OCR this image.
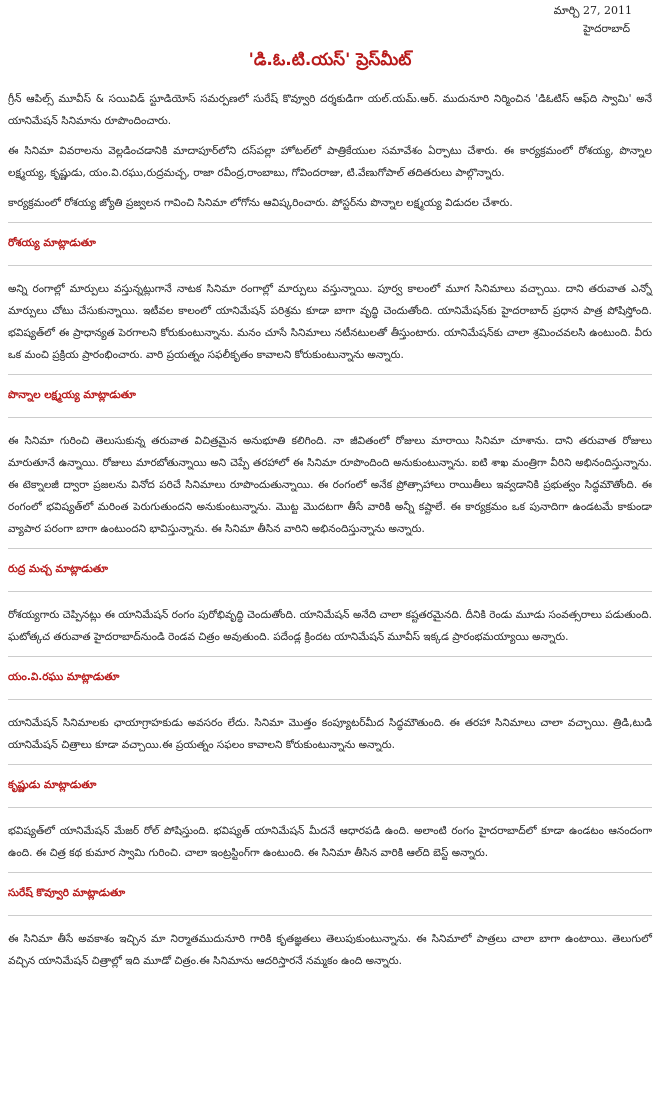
మార్చి 27, 2011
హైదరాబాద్
'డి.ఓ.టి.యస్' ప్రెస్‌మీట్

గ్రీన్ ఆపిల్స్ మూవీస్ & సయివిడ్ స్టూడియోస్ సమర్పణలో సురేష్ కొవ్వూరి దర్శకుడిగా యల్.యమ్.ఆర్. ముదునూరి నిర్మించిన 'డిఓటిస్ ఆఫ్‌ది స్వామి' అనే యానిమేషన్ సినిమాను రూపొందించారు.

ఈ సినిమా వివరాలను వెల్లడించడానికి మాదాపూర్‌లోని దస్‌పల్లా హోటల్‌లో పాత్రికేయుల సమావేశం ఏర్పాటు చేశారు. ఈ కార్యక్రమంలో రోశయ్య, పొన్నాల లక్ష్మయ్య, కృష్ణుడు, యం.వి.రఘు,రుద్రమచ్చ, రాజా రవీంద్ర,రాంబాబు, గోవిందరాజు, టి.వేణుగోపాల్ తదితరులు పాల్గొన్నారు.

కార్యక్రమంలో రోశయ్య జ్యోతి ప్రజ్వలన గావించి సినిమా లోగోను ఆవిష్కరించారు. పోస్టర్‌ను పొన్నాల లక్ష్మయ్య విడుదల చేశారు.

రోశయ్య మాట్లాడుతూ

అన్ని రంగాల్లో మార్పులు వస్తున్నట్లుగానే నాటక సినిమా రంగాల్లో మార్పులు వస్తున్నాయి. పూర్వ కాలంలో మూగ సినిమాలు వచ్చాయి. దాని తరువాత ఎన్నో మార్పులు చోటు చేసుకున్నాయి. ఇటీవల కాలంలో యానిమేషన్ పరిశ్రమ కూడా బాగా వృద్ధి చెందుతోంది. యానిమేషన్‌కు హైదరాబాద్ ప్రధాన పాత్ర పోషిస్తోంది. భవిష్యత్‌లో ఈ ప్రాధాన్యత పెరగాలని కోరుకుంటున్నాను. మనం చూసే సినిమాలు నటీనటులతో తీస్తుంటారు. యానిమేషన్‌కు చాలా శ్రమించవలసి ఉంటుంది. వీరు ఒక మంచి ప్రక్రియ ప్రారంభించారు. వారి ప్రయత్నం సఫలీకృతం కావాలని కోరుకుంటున్నాను అన్నారు.

పొన్నాల లక్ష్మయ్య మాట్లాడుతూ

ఈ సినిమా గురించి తెలుసుకున్న తరువాత విచిత్రమైన అనుభూతి కలిగింది. నా జీవితంలో రోజులు మారాయి సినిమా చూశాను. దాని తరువాత రోజులు మారుతూనే ఉన్నాయి. రోజులు మారబోతున్నాయి అని చెప్పే తరహాలో ఈ సినిమా రూపొందింది అనుకుంటున్నాను. ఐటి శాఖ మంత్రిగా వీరిని అభినందిస్తున్నాను. ఈ టెక్నాలజీ ద్వారా ప్రజలను వినోద పరిచే సినిమాలు రూపొందుతున్నాయి. ఈ రంగంలో అనేక ప్రోత్సాహాలు రాయితీలు ఇవ్వడానికి ప్రభుత్వం సిద్ధమౌతోంది. ఈ రంగంలో భవిష్యత్‌లో మరింత పెరుగుతుందని అనుకుంటున్నాను. మొట్ట మొదటగా తీసే వారికి అన్నీ కష్టాలే. ఈ కార్యక్రమం ఒక పునాదిగా ఉండటమే కాకుండా వ్యాపార పరంగా బాగా ఉంటుందని భావిస్తున్నాను. ఈ సినిమా తీసిన వారిని అభినందిస్తున్నాను అన్నారు.

రుద్ర మచ్చ మాట్లాడుతూ

రోశయ్యగారు చెప్పినట్లు ఈ యానిమేషన్ రంగం పురోభివృద్ధి చెందుతోంది. యానిమేషన్ అనేది చాలా కష్టతరమైనది. దీనికి రెండు మూడు సంవత్సరాలు పడుతుంది. ఘటోత్కచ తరువాత హైదరాబాద్‌నుండి రెండవ చిత్రం అవుతుంది. పదేండ్ల క్రిందట యానిమేషన్ మూవీస్ ఇక్కడ ప్రారంభమయ్యాయి అన్నారు.

యం.వి.రఘు మాట్లాడుతూ

యానిమేషన్ సినిమాలకు ఛాయాగ్రాహకుడు అవసరం లేదు. సినిమా మొత్తం కంప్యూటర్‌మీద సిద్ధమౌతుంది. ఈ తరహా సినిమాలు చాలా వచ్చాయి. త్రిడి,టుడి యానిమేషన్ చిత్రాలు కూడా వచ్చాయి.ఈ ప్రయత్నం సఫలం కావాలని కోరుకుంటున్నాను అన్నారు.

కృష్ణుడు మాట్లాడుతూ

భవిష్యత్‌లో యానిమేషన్ మేజర్ రోల్ పోషిస్తుంది. భవిష్యత్ యానిమేషన్ మీదనే ఆధారపడి ఉంది. అలాంటి రంగం హైదరాబాద్‌లో కూడా ఉండటం ఆనందంగా ఉంది. ఈ చిత్ర కథ కుమార స్వామి గురించి. చాలా ఇంట్రస్టింగ్‌గా ఉంటుంది. ఈ సినిమా తీసిన వారికి ఆల్‌ది బెస్ట్ అన్నారు.

సురేష్ కొవ్వూరి మాట్లాడుతూ

ఈ సినిమా తీసే అవకాశం ఇచ్చిన మా నిర్మాతముదునూరి గారికి కృతజ్ఞతలు తెలుపుకుంటున్నాను. ఈ సినిమాలో పాత్రలు చాలా బాగా ఉంటాయి. తెలుగులో వచ్చిన యానిమేషన్ చిత్రాల్లో ఇది మూడో చిత్రం.ఈ సినిమాను ఆదరిస్తారనే నమ్మకం ఉంది అన్నారు.
